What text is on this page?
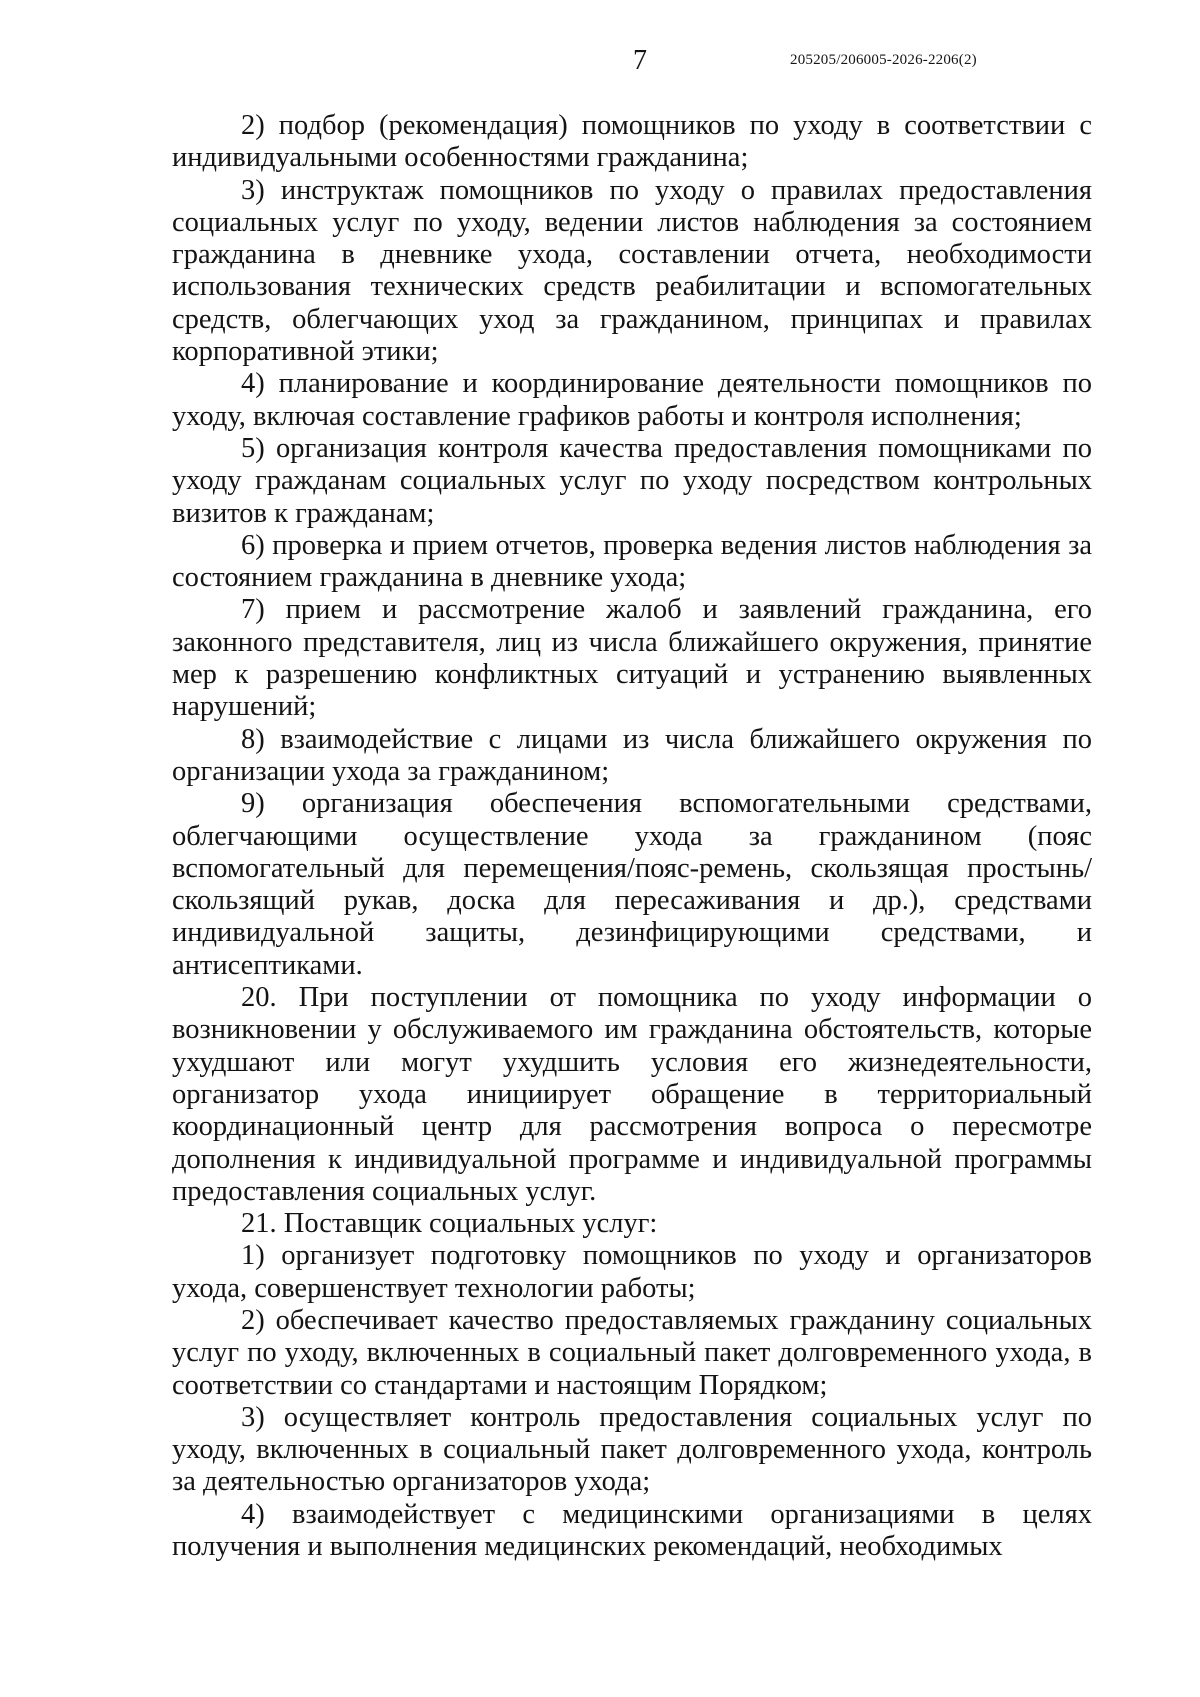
7	205205/206005-2026-2206(2)

2) подбор (рекомендация) помощников по уходу в соответствии с индивидуальными особенностями гражданина;

3) инструктаж помощников по уходу о правилах предоставления социальных услуг по уходу, ведении листов наблюдения за состоянием гражданина в дневнике ухода, составлении отчета, необходимости использования технических средств реабилитации и вспомогательных средств, облегчающих уход за гражданином, принципах и правилах корпоративной этики;

4) планирование и координирование деятельности помощников по уходу, включая составление графиков работы и контроля исполнения;

5) организация контроля качества предоставления помощниками по уходу гражданам социальных услуг по уходу посредством контрольных визитов к гражданам;

6) проверка и прием отчетов, проверка ведения листов наблюдения за состоянием гражданина в дневнике ухода;

7) прием и рассмотрение жалоб и заявлений гражданина, его законного представителя, лиц из числа ближайшего окружения, принятие мер к разрешению конфликтных ситуаций и устранению выявленных нарушений;

8) взаимодействие с лицами из числа ближайшего окружения по организации ухода за гражданином;

9) организация обеспечения вспомогательными средствами, облегчающими осуществление ухода за гражданином (пояс вспомогательный для перемещения/пояс-ремень, скользящая простынь/скользящий рукав, доска для пересаживания и др.), средствами индивидуальной защиты, дезинфицирующими средствами, и антисептиками.

20. При поступлении от помощника по уходу информации о возникновении у обслуживаемого им гражданина обстоятельств, которые ухудшают или могут ухудшить условия его жизнедеятельности, организатор ухода инициирует обращение в территориальный координационный центр для рассмотрения вопроса о пересмотре дополнения к индивидуальной программе и индивидуальной программы предоставления социальных услуг.

21. Поставщик социальных услуг:

1) организует подготовку помощников по уходу и организаторов ухода, совершенствует технологии работы;

2) обеспечивает качество предоставляемых гражданину социальных услуг по уходу, включенных в социальный пакет долговременного ухода, в соответствии со стандартами и настоящим Порядком;

3) осуществляет контроль предоставления социальных услуг по уходу, включенных в социальный пакет долговременного ухода, контроль за деятельностью организаторов ухода;

4) взаимодействует с медицинскими организациями в целях получения и выполнения медицинских рекомендаций, необходимых
